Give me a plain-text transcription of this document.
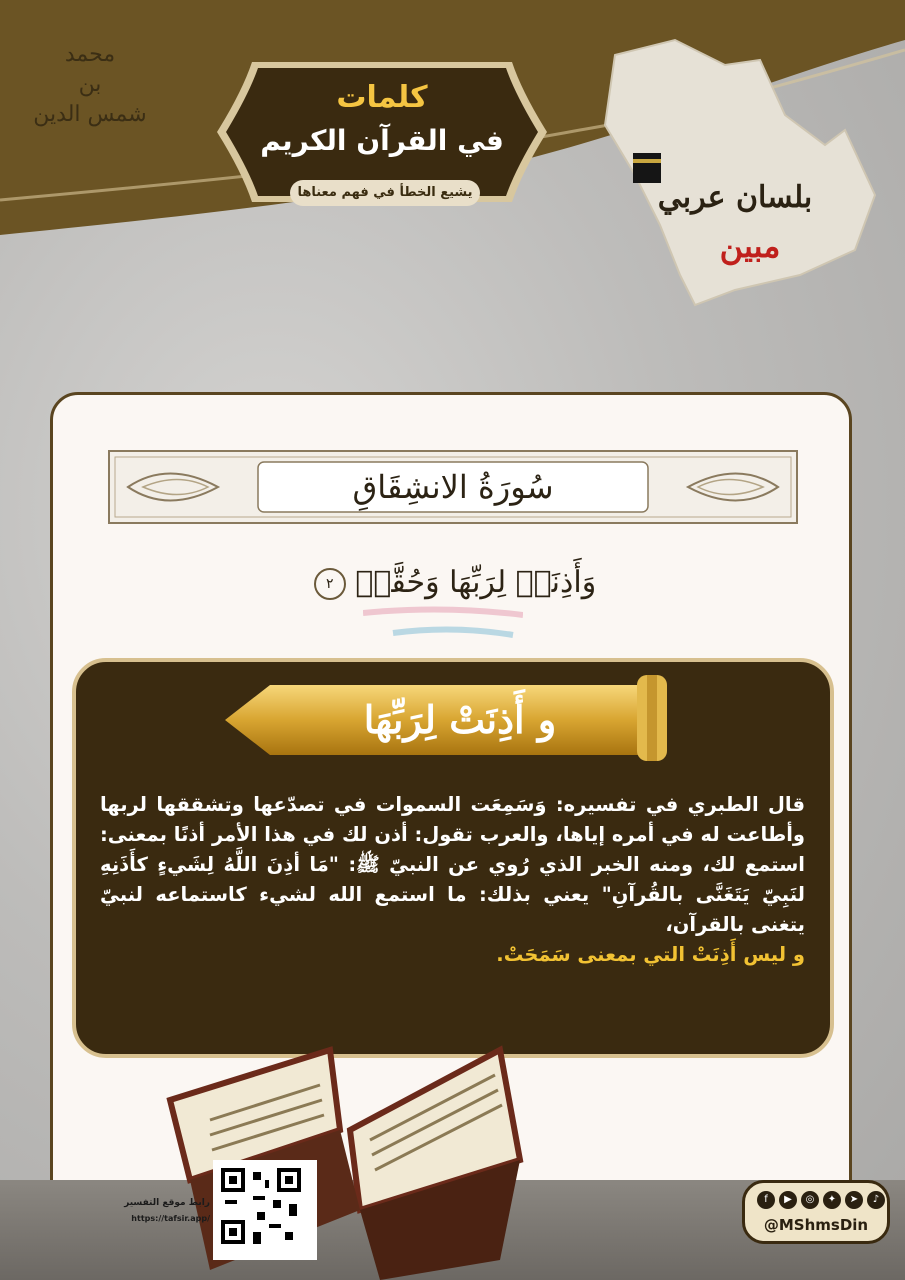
محمد
بن
شمس الدين	كلمات
في القرآن الكريم
يشيع الخطأ في فهم معناها	بلسان عربي
مبين
سُورَةُ الانشِقَاقِ
وَأَذِنَتۡ لِرَبِّهَا وَحُقَّتۡ ٢
و أَذِنَتْ لِرَبِّهَا

قال الطبري في تفسيره: وَسَمِعَت السموات في تصدّعها وتشققها لربها وأطاعت له في أمره إياها، والعرب تقول: أذن لك في هذا الأمر أذنًا بمعنى: استمع لك، ومنه الخبر الذي رُوي عن النبيّ ﷺ: "مَا أذِنَ اللَّهُ لِشَيءٍ كأَذَنِهِ لنَبِيّ يَتَغَنَّى بالقُرآنِ" يعني بذلك: ما استمع الله لشيء كاستماعه لنبيّ يتغنى بالقرآن،

و ليس أَذِنَتْ التي بمعنى سَمَحَتْ.

رابط موقع التفسير
https://tafsir.app/
f	▶	◎	✦	➤	♪
@MShmsDin
